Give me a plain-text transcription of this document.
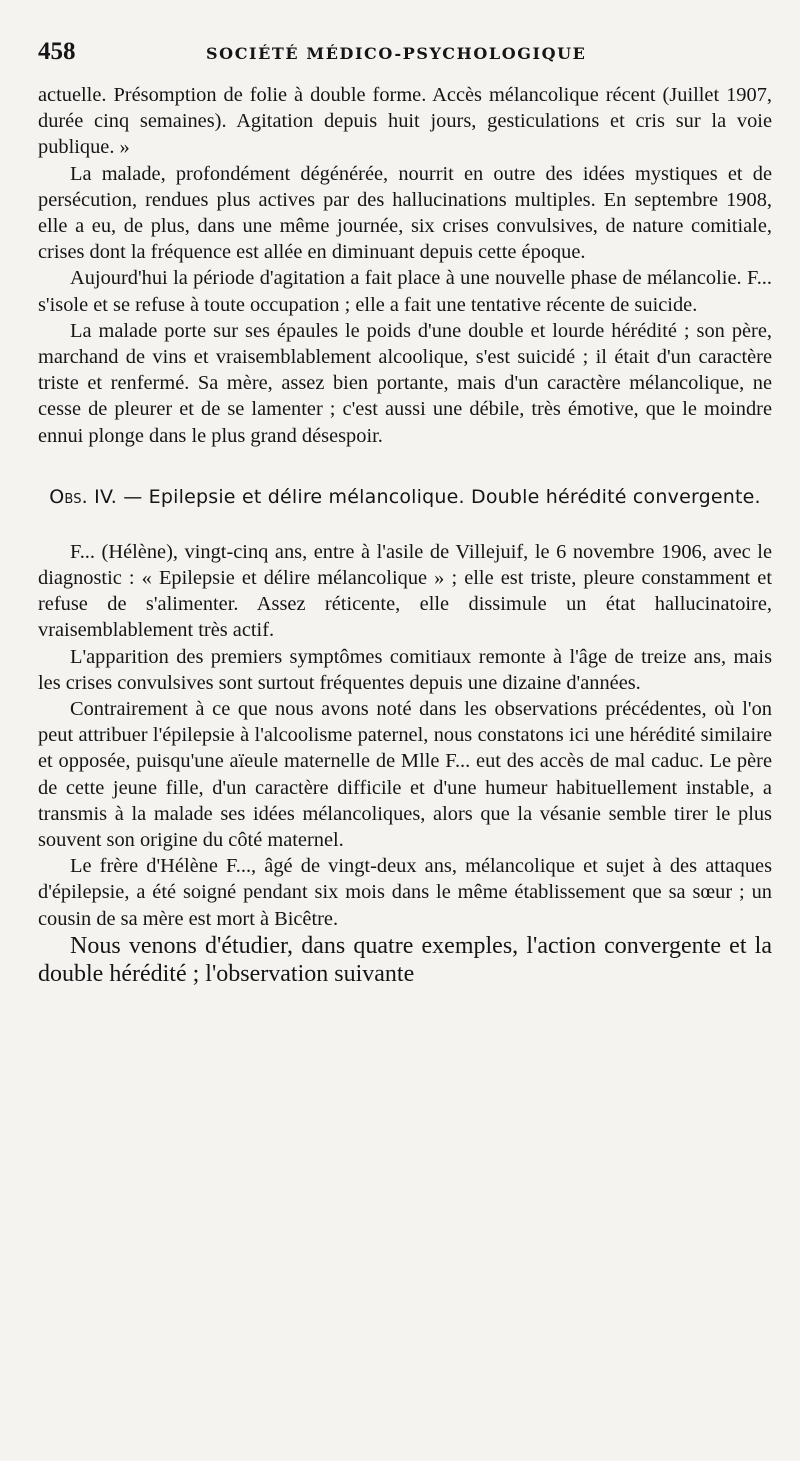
458	SOCIÉTÉ MÉDICO-PSYCHOLOGIQUE

actuelle. Présomption de folie à double forme. Accès mélancolique récent (Juillet 1907, durée cinq semaines). Agitation depuis huit jours, gesticulations et cris sur la voie publique. »

La malade, profondément dégénérée, nourrit en outre des idées mystiques et de persécution, rendues plus actives par des hallucinations multiples. En septembre 1908, elle a eu, de plus, dans une même journée, six crises convulsives, de nature comitiale, crises dont la fréquence est allée en diminuant depuis cette époque.

Aujourd'hui la période d'agitation a fait place à une nouvelle phase de mélancolie. F... s'isole et se refuse à toute occupation ; elle a fait une tentative récente de suicide.

La malade porte sur ses épaules le poids d'une double et lourde hérédité ; son père, marchand de vins et vraisemblablement alcoolique, s'est suicidé ; il était d'un caractère triste et renfermé. Sa mère, assez bien portante, mais d'un caractère mélancolique, ne cesse de pleurer et de se lamenter ; c'est aussi une débile, très émotive, que le moindre ennui plonge dans le plus grand désespoir.

Obs. IV. — Epilepsie et délire mélancolique. Double hérédité convergente.

F... (Hélène), vingt-cinq ans, entre à l'asile de Villejuif, le 6 novembre 1906, avec le diagnostic : « Epilepsie et délire mélancolique » ; elle est triste, pleure constamment et refuse de s'alimenter. Assez réticente, elle dissimule un état hallucinatoire, vraisemblablement très actif.

L'apparition des premiers symptômes comitiaux remonte à l'âge de treize ans, mais les crises convulsives sont surtout fréquentes depuis une dizaine d'années.

Contrairement à ce que nous avons noté dans les observations précédentes, où l'on peut attribuer l'épilepsie à l'alcoolisme paternel, nous constatons ici une hérédité similaire et opposée, puisqu'une aïeule maternelle de Mlle F... eut des accès de mal caduc. Le père de cette jeune fille, d'un caractère difficile et d'une humeur habituellement instable, a transmis à la malade ses idées mélancoliques, alors que la vésanie semble tirer le plus souvent son origine du côté maternel.

Le frère d'Hélène F..., âgé de vingt-deux ans, mélancolique et sujet à des attaques d'épilepsie, a été soigné pendant six mois dans le même établissement que sa sœur ; un cousin de sa mère est mort à Bicêtre.

Nous venons d'étudier, dans quatre exemples, l'action convergente et la double hérédité ; l'observation suivante
